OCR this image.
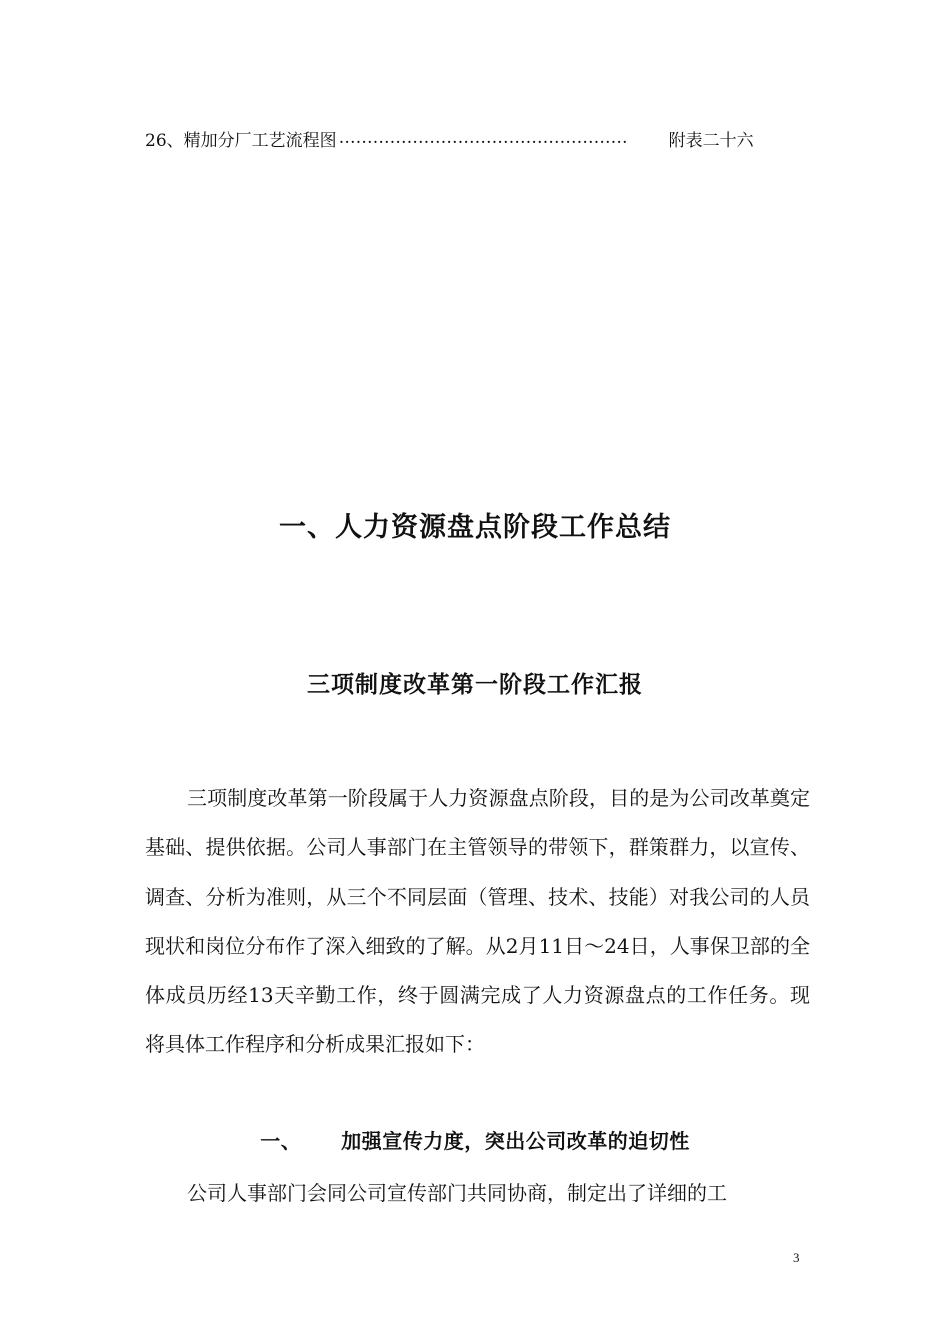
26、精加分厂工艺流程图 ……………………………………………	附表二十六
一、人力资源盘点阶段工作总结
三项制度改革第一阶段工作汇报

三项制度改革第一阶段属于人力资源盘点阶段，目的是为公司改革奠定基础、提供依据。公司人事部门在主管领导的带领下，群策群力，以宣传、调查、分析为准则，从三个不同层面（管理、技术、技能）对我公司的人员现状和岗位分布作了深入细致的了解。从2月11日～24日，人事保卫部的全体成员历经13天辛勤工作，终于圆满完成了人力资源盘点的工作任务。现将具体工作程序和分析成果汇报如下：

一、 加强宣传力度，突出公司改革的迫切性

公司人事部门会同公司宣传部门共同协商，制定出了详细的工

3
